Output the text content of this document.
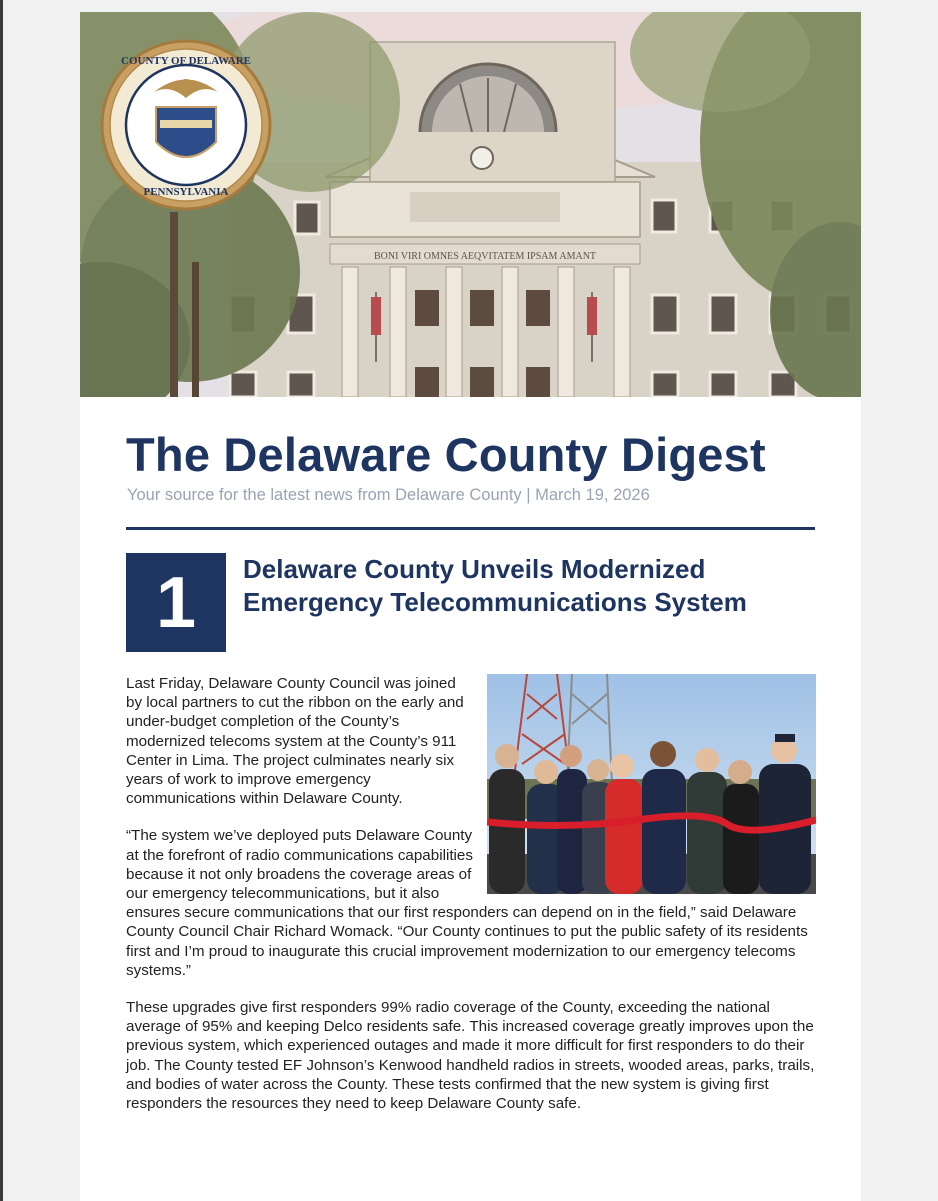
BONI VIRI OMNES AEQVITATEM IPSAM AMANT
COUNTY OF DELAWARE
PENNSYLVANIA
The Delaware County Digest

Your source for the latest news from Delaware County | March 19, 2026

1	Delaware County Unveils Modernized Emergency Telecommunications System

Last Friday, Delaware County Council was joined by local partners to cut the ribbon on the early and under-budget completion of the County’s modernized telecoms system at the County’s 911 Center in Lima. The project culminates nearly six years of work to improve emergency communications within Delaware County.

“The system we’ve deployed puts Delaware County at the forefront of radio communications capabilities because it not only broadens the coverage areas of our emergency telecommunications, but it also ensures secure communications that our first responders can depend on in the field,” said Delaware County Council Chair Richard Womack. “Our County continues to put the public safety of its residents first and I’m proud to inaugurate this crucial improvement modernization to our emergency telecoms systems.”

These upgrades give first responders 99% radio coverage of the County, exceeding the national average of 95% and keeping Delco residents safe. This increased coverage greatly improves upon the previous system, which experienced outages and made it more difficult for first responders to do their job. The County tested EF Johnson’s Kenwood handheld radios in streets, wooded areas, parks, trails, and bodies of water across the County. These tests confirmed that the new system is giving first responders the resources they need to keep Delaware County safe.
